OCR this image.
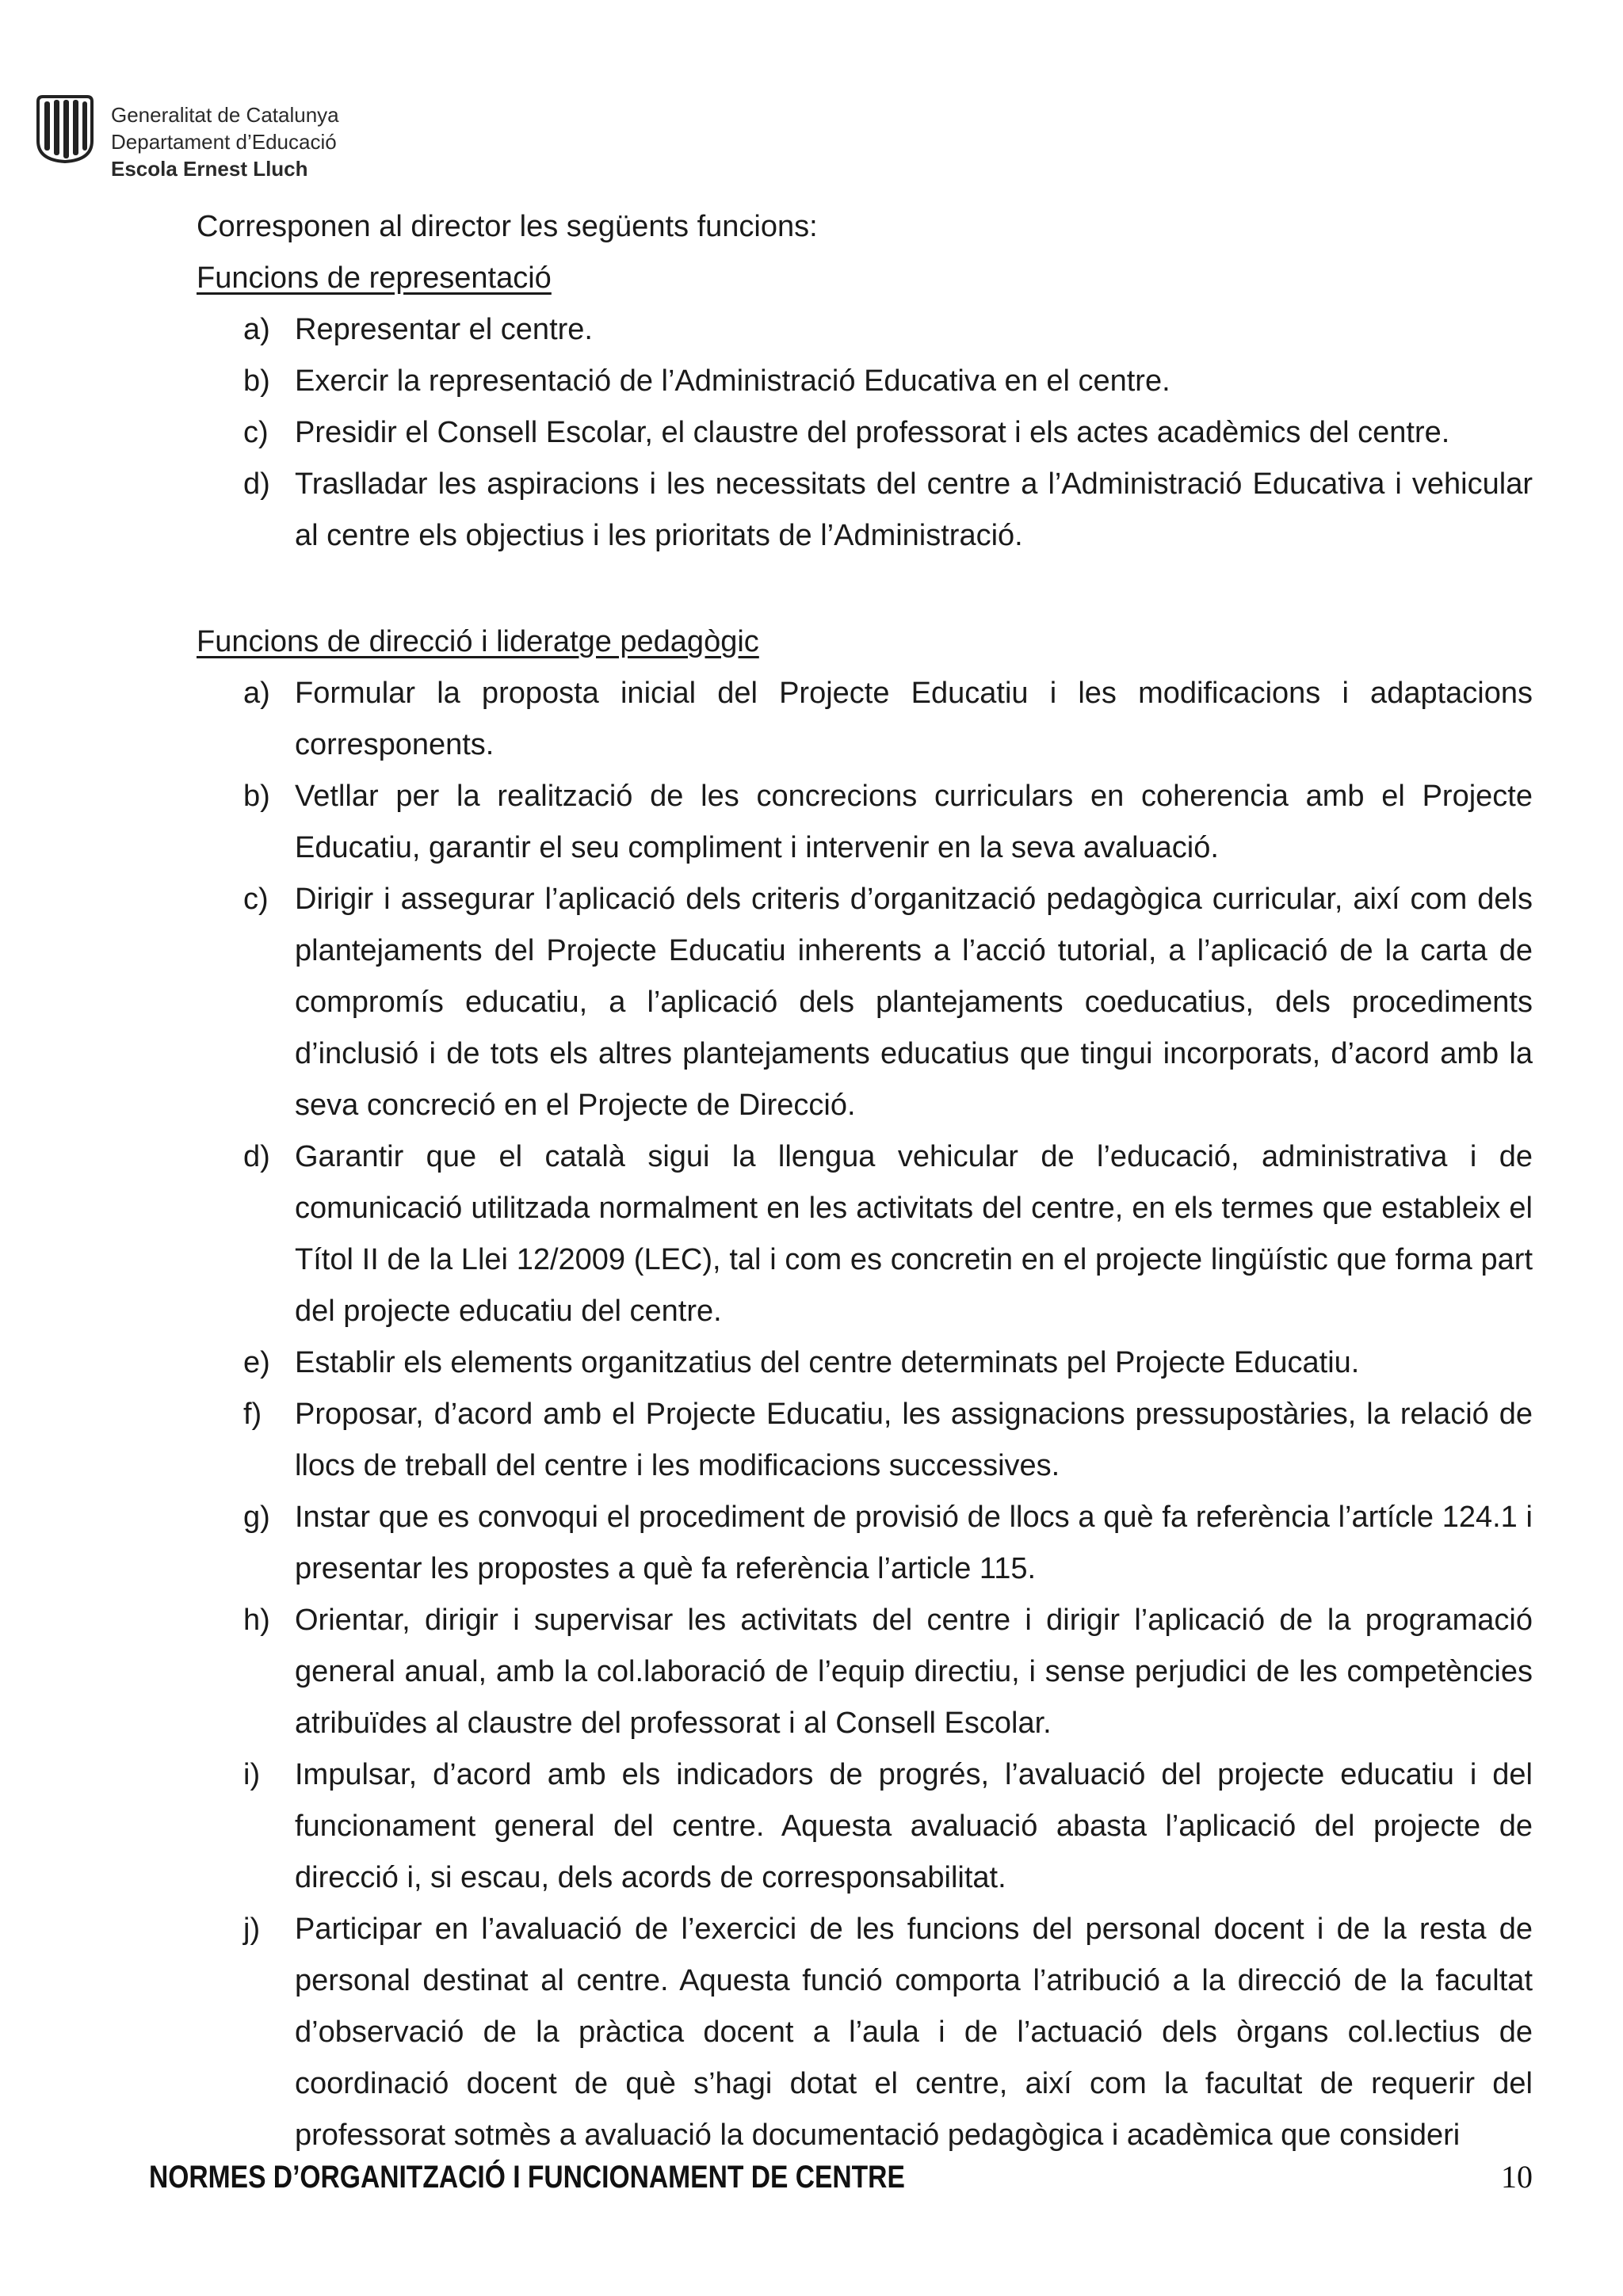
Generalitat de Catalunya
Departament d’Educació
Escola Ernest Lluch

Corresponen al director les següents funcions:

Funcions de representació
a) Representar el centre.
b) Exercir la representació de l’Administració Educativa en el centre.
c) Presidir el Consell Escolar, el claustre del professorat i els actes acadèmics del centre.
d) Traslladar les aspiracions i les necessitats del centre a l’Administració Educativa i vehicular al centre els objectius i les prioritats de l’Administració.
Funcions de direcció i lideratge pedagògic
a) Formular la proposta inicial del Projecte Educatiu i les modificacions i adaptacions corresponents.
b) Vetllar per la realització de les concrecions curriculars en coherencia amb el Projecte Educatiu, garantir el seu compliment i intervenir en la seva avaluació.
c) Dirigir i assegurar l’aplicació dels criteris d’organització pedagògica curricular, així com dels plantejaments del Projecte Educatiu inherents a l’acció tutorial, a l’aplicació de la carta de compromís educatiu, a l’aplicació dels plantejaments coeducatius, dels procediments d’inclusió i de tots els altres plantejaments educatius que tingui incorporats, d’acord amb la seva concreció en el Projecte de Direcció.
d) Garantir que el català sigui la llengua vehicular de l’educació, administrativa i de comunicació utilitzada normalment en les activitats del centre, en els termes que estableix el Títol II de la Llei 12/2009 (LEC), tal i com es concretin en el projecte lingüístic que forma part del projecte educatiu del centre.
e) Establir els elements organitzatius del centre determinats pel Projecte Educatiu.
f) Proposar, d’acord amb el Projecte Educatiu, les assignacions pressupostàries, la relació de llocs de treball del centre i les modificacions successives.
g) Instar que es convoqui el procediment de provisió de llocs a què fa referència l’artícle 124.1 i presentar les propostes a què fa referència l’article 115.
h) Orientar, dirigir i supervisar les activitats del centre i dirigir l’aplicació de la programació general anual, amb la col.laboració de l’equip directiu, i sense perjudici de les competències atribuïdes al claustre del professorat i al Consell Escolar.
i) Impulsar, d’acord amb els indicadors de progrés, l’avaluació del projecte educatiu i del funcionament general del centre. Aquesta avaluació abasta l’aplicació del projecte de direcció i, si escau, dels acords de corresponsabilitat.
j) Participar en l’avaluació de l’exercici de les funcions del personal docent i de la resta de personal destinat al centre. Aquesta funció comporta l’atribució a la direcció de la facultat d’observació de la pràctica docent a l’aula i de l’actuació dels òrgans col.lectius de coordinació docent de què s’hagi dotat el centre, així com la facultat de requerir del professorat sotmès a avaluació la documentació pedagògica i acadèmica que consideri
NORMES D’ORGANITZACIÓ I FUNCIONAMENT DE CENTRE	10
